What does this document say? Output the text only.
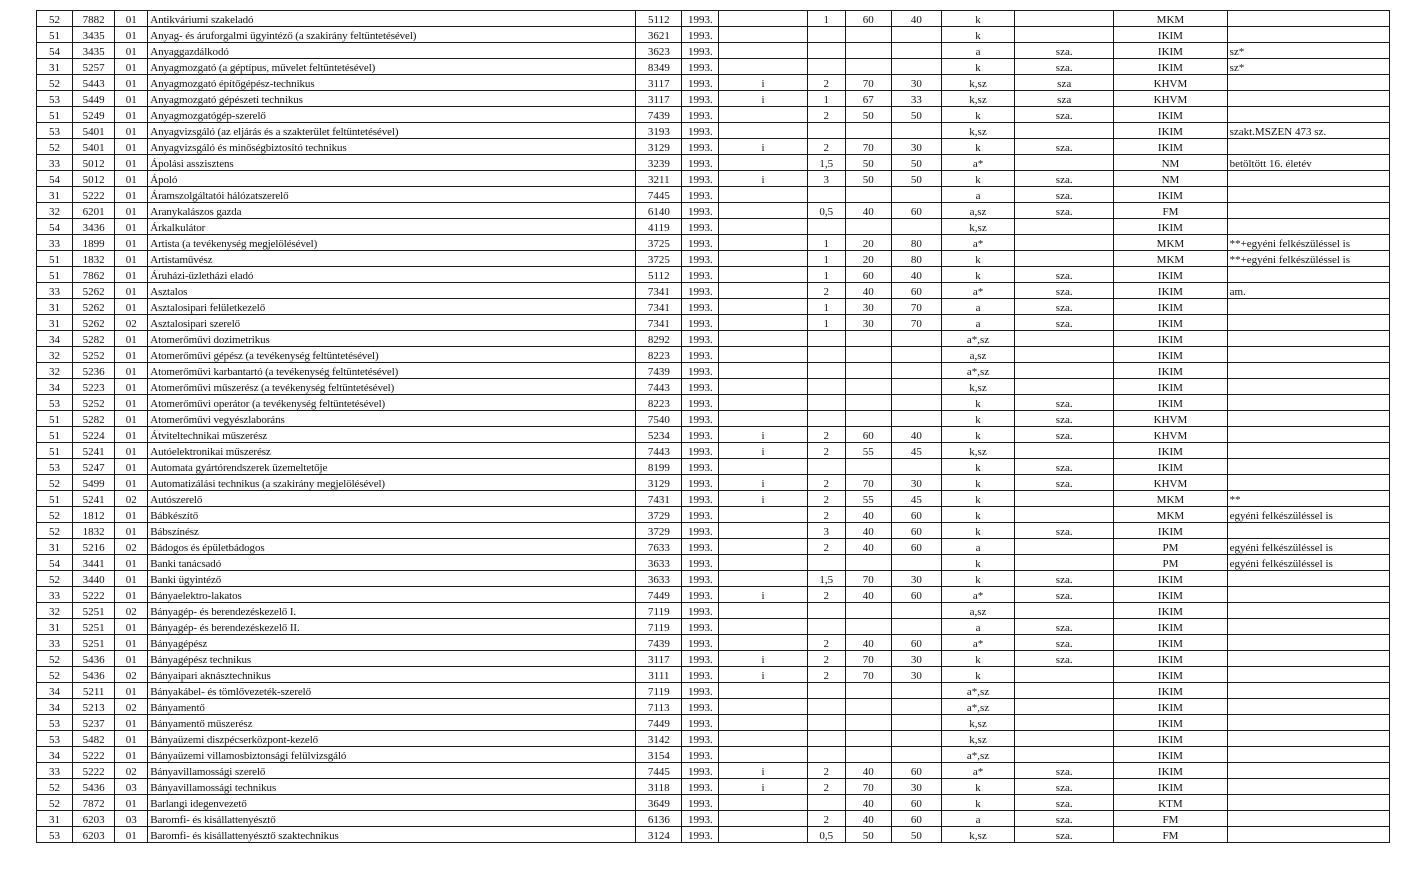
52	7882	01	Antikváriumi szakeladó	5112	1993.		1	60	40	k		MKM	
51	3435	01	Anyag- és áruforgalmi ügyintéző (a szakirány feltüntetésével)	3621	1993.					k		IKIM	
54	3435	01	Anyaggazdálkodó	3623	1993.					a	sza.	IKIM	sz*
31	5257	01	Anyagmozgató (a géptípus, művelet feltüntetésével)	8349	1993.					k	sza.	IKIM	sz*
52	5443	01	Anyagmozgató építőgépész-technikus	3117	1993.	i	2	70	30	k,sz	sza	KHVM	
53	5449	01	Anyagmozgató gépészeti technikus	3117	1993.	i	1	67	33	k,sz	sza	KHVM	
51	5249	01	Anyagmozgatógép-szerelő	7439	1993.		2	50	50	k	sza.	IKIM	
53	5401	01	Anyagvizsgáló (az eljárás és a szakterület feltüntetésével)	3193	1993.					k,sz		IKIM	szakt.MSZEN 473 sz.
52	5401	01	Anyagvizsgáló és minőségbiztosító technikus	3129	1993.	i	2	70	30	k	sza.	IKIM	
33	5012	01	Ápolási asszisztens	3239	1993.		1,5	50	50	a*		NM	betöltött 16. életév
54	5012	01	Ápoló	3211	1993.	i	3	50	50	k	sza.	NM	
31	5222	01	Áramszolgáltatói hálózatszerelő	7445	1993.					a	sza.	IKIM	
32	6201	01	Aranykalászos gazda	6140	1993.		0,5	40	60	a,sz	sza.	FM	
54	3436	01	Árkalkulátor	4119	1993.					k,sz		IKIM	
33	1899	01	Artista (a tevékenység megjelölésével)	3725	1993.		1	20	80	a*		MKM	**+egyéni felkészüléssel is
51	1832	01	Artistaművész	3725	1993.		1	20	80	k		MKM	**+egyéni felkészüléssel is
51	7862	01	Áruházi-üzletházi eladó	5112	1993.		1	60	40	k	sza.	IKIM	
33	5262	01	Asztalos	7341	1993.		2	40	60	a*	sza.	IKIM	am.
31	5262	01	Asztalosipari felületkezelő	7341	1993.		1	30	70	a	sza.	IKIM	
31	5262	02	Asztalosipari szerelő	7341	1993.		1	30	70	a	sza.	IKIM	
34	5282	01	Atomerőművi dozimetrikus	8292	1993.					a*,sz		IKIM	
32	5252	01	Atomerőművi gépész (a tevékenység feltüntetésével)	8223	1993.					a,sz		IKIM	
32	5236	01	Atomerőművi karbantartó (a tevékenység feltüntetésével)	7439	1993.					a*,sz		IKIM	
34	5223	01	Atomerőművi műszerész (a tevékenység feltüntetésével)	7443	1993.					k,sz		IKIM	
53	5252	01	Atomerőművi operátor (a tevékenység feltüntetésével)	8223	1993.					k	sza.	IKIM	
51	5282	01	Atomerőművi vegyészlaboráns	7540	1993.					k	sza.	KHVM	
51	5224	01	Átviteltechnikai műszerész	5234	1993.	i	2	60	40	k	sza.	KHVM	
51	5241	01	Autóelektronikai műszerész	7443	1993.	i	2	55	45	k,sz		IKIM	
53	5247	01	Automata gyártórendszerek üzemeltetője	8199	1993.					k	sza.	IKIM	
52	5499	01	Automatizálási technikus (a szakirány megjelölésével)	3129	1993.	i	2	70	30	k	sza.	KHVM	
51	5241	02	Autószerelő	7431	1993.	i	2	55	45	k		MKM	**
52	1812	01	Bábkészítő	3729	1993.		2	40	60	k		MKM	egyéni felkészüléssel is
52	1832	01	Bábszínész	3729	1993.		3	40	60	k	sza.	IKIM	
31	5216	02	Bádogos és épületbádogos	7633	1993.		2	40	60	a		PM	egyéni felkészüléssel is
54	3441	01	Banki tanácsadó	3633	1993.					k		PM	egyéni felkészüléssel is
52	3440	01	Banki ügyintéző	3633	1993.		1,5	70	30	k	sza.	IKIM	
33	5222	01	Bányaelektro-lakatos	7449	1993.	i	2	40	60	a*	sza.	IKIM	
32	5251	02	Bányagép- és berendezéskezelő I.	7119	1993.					a,sz		IKIM	
31	5251	01	Bányagép- és berendezéskezelő II.	7119	1993.					a	sza.	IKIM	
33	5251	01	Bányagépész	7439	1993.		2	40	60	a*	sza.	IKIM	
52	5436	01	Bányagépész technikus	3117	1993.	i	2	70	30	k	sza.	IKIM	
52	5436	02	Bányaipari aknásztechnikus	3111	1993.	i	2	70	30	k		IKIM	
34	5211	01	Bányakábel- és tömlővezeték-szerelő	7119	1993.					a*,sz		IKIM	
34	5213	02	Bányamentő	7113	1993.					a*,sz		IKIM	
53	5237	01	Bányamentő műszerész	7449	1993.					k,sz		IKIM	
53	5482	01	Bányaüzemi diszpécserközpont-kezelő	3142	1993.					k,sz		IKIM	
34	5222	01	Bányaüzemi villamosbiztonsági felülvizsgáló	3154	1993.					a*,sz		IKIM	
33	5222	02	Bányavillamossági szerelő	7445	1993.	i	2	40	60	a*	sza.	IKIM	
52	5436	03	Bányavillamossági technikus	3118	1993.	i	2	70	30	k	sza.	IKIM	
52	7872	01	Barlangi idegenvezető	3649	1993.			40	60	k	sza.	KTM	
31	6203	03	Baromfi- és kisállattenyésztő	6136	1993.		2	40	60	a	sza.	FM	
53	6203	01	Baromfi- és kisállattenyésztő szaktechnikus	3124	1993.		0,5	50	50	k,sz	sza.	FM	
